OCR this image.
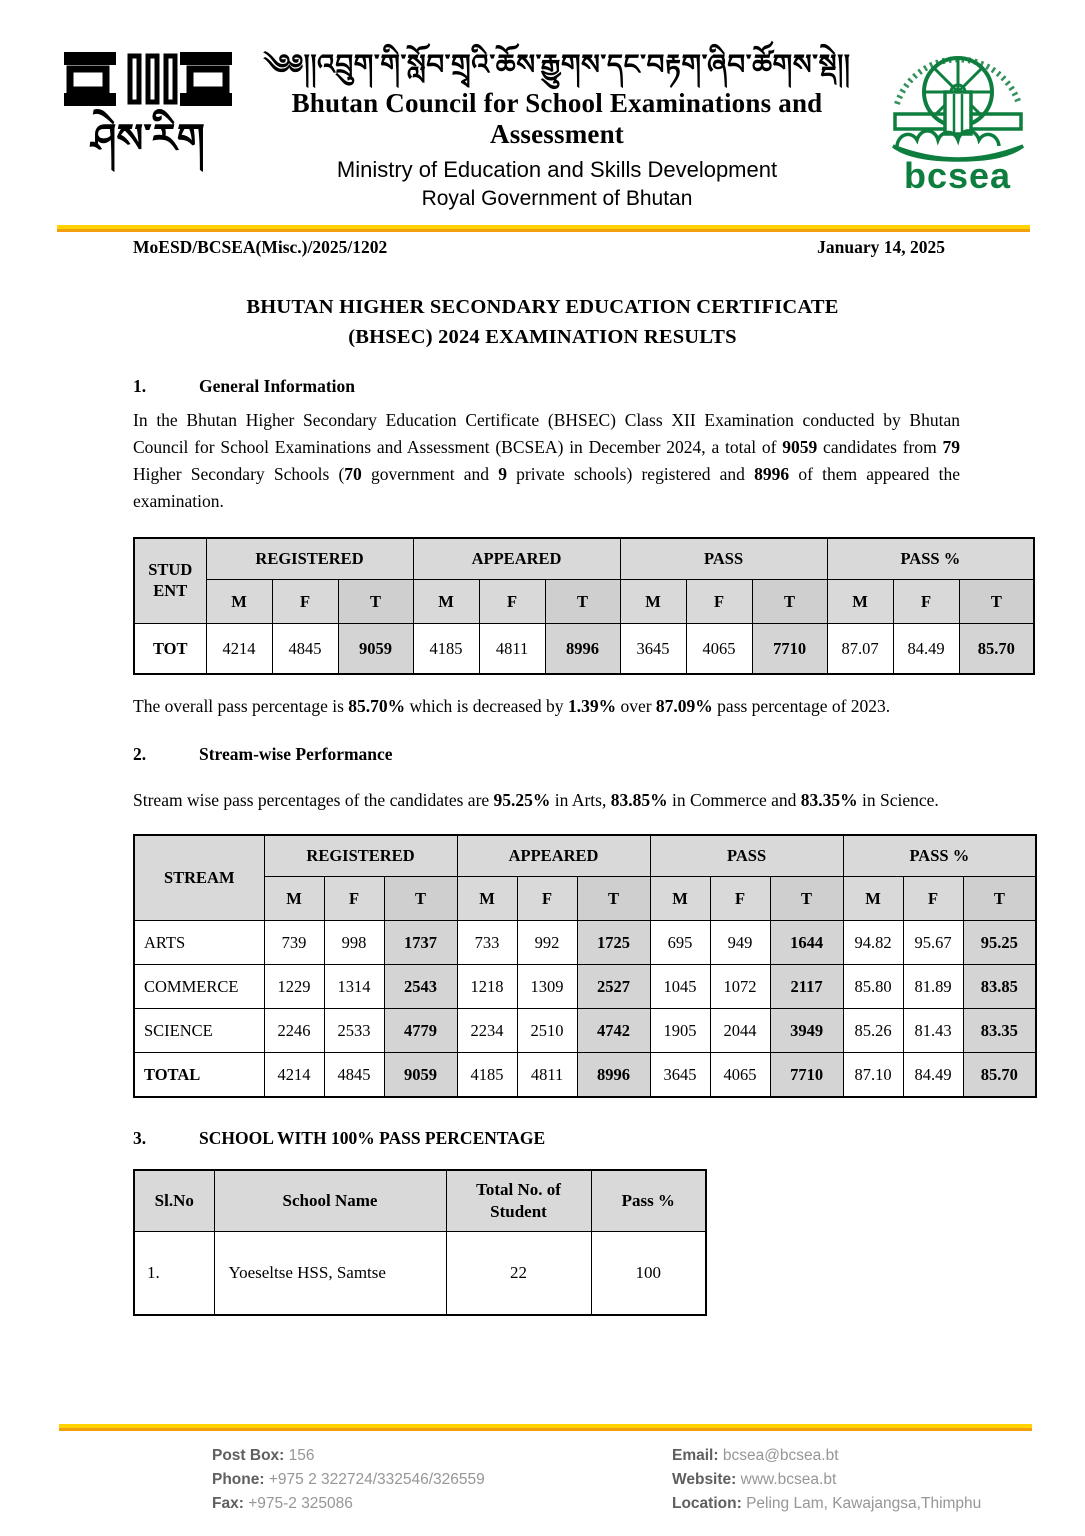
ཤེས་རིག
༄༅།།འབྲུག་གི་སློབ་གྲྭའི་ཆོས་རྒྱུགས་དང་བརྟག་ཞིབ་ཚོགས་སྡེ།།
Bhutan Council for School Examinations and Assessment
Ministry of Education and Skills Development
Royal Government of Bhutan
bcsea
MoESD/BCSEA(Misc.)/2025/1202	January 14, 2025
BHUTAN HIGHER SECONDARY EDUCATION CERTIFICATE
(BHSEC) 2024 EXAMINATION RESULTS
1.	General Information

In the Bhutan Higher Secondary Education Certificate (BHSEC) Class XII Examination conducted by Bhutan Council for School Examinations and Assessment (BCSEA) in December 2024, a total of 9059 candidates from 79 Higher Secondary Schools (70 government and 9 private schools) registered and 8996 of them appeared the examination.

STUD ENT	REGISTERED			APPEARED			PASS			PASS %		
	M	F	T	M	F	T	M	F	T	M	F	T
TOT	4214	4845	9059	4185	4811	8996	3645	4065	7710	87.07	84.49	85.70

The overall pass percentage is 85.70% which is decreased by 1.39% over 87.09% pass percentage of 2023.

2.	Stream-wise Performance

Stream wise pass percentages of the candidates are 95.25% in Arts, 83.85% in Commerce and 83.35% in Science.

STREAM	REGISTERED			APPEARED			PASS			PASS %		
	M	F	T	M	F	T	M	F	T	M	F	T
ARTS	739	998	1737	733	992	1725	695	949	1644	94.82	95.67	95.25
COMMERCE	1229	1314	2543	1218	1309	2527	1045	1072	2117	85.80	81.89	83.85
SCIENCE	2246	2533	4779	2234	2510	4742	1905	2044	3949	85.26	81.43	83.35
TOTAL	4214	4845	9059	4185	4811	8996	3645	4065	7710	87.10	84.49	85.70
3.	SCHOOL WITH 100% PASS PERCENTAGE
Sl.No	School Name	Total No. of Student	Pass %
1.	Yoeseltse HSS, Samtse	22	100
Post Box: 156
Phone: +975 2 322724/332546/326559
Fax: +975-2 325086
Email: bcsea@bcsea.bt
Website: www.bcsea.bt
Location: Peling Lam, Kawajangsa,Thimphu
